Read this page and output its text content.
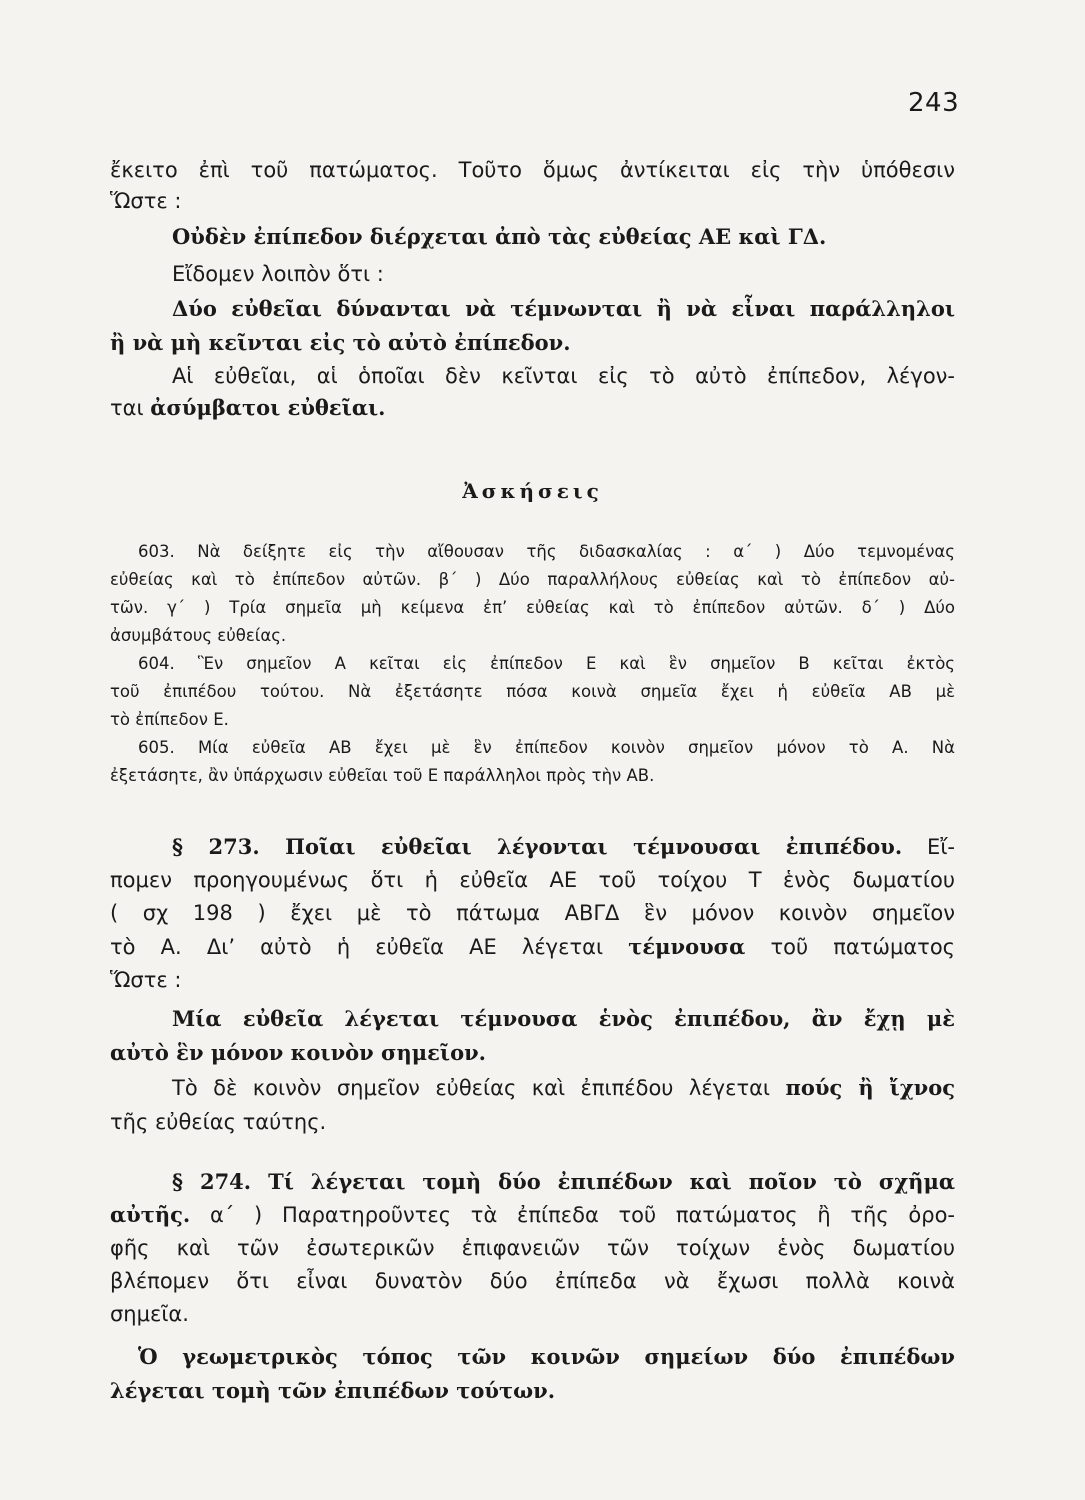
243
ἔκειτο ἐπὶ τοῦ πατώματος. Τοῦτο ὅμως ἀντίκειται εἰς τὴν ὑπόθεσιν
Ὥστε :
Οὐδὲν ἐπίπεδον διέρχεται ἀπὸ τὰς εὐθείας ΑΕ καὶ ΓΔ.
Εἴδομεν λοιπὸν ὅτι :
Δύο εὐθεῖαι δύνανται νὰ τέμνωνται ἢ νὰ εἶναι παράλληλοι
ἢ νὰ μὴ κεῖνται εἰς τὸ αὐτὸ ἐπίπεδον.
Αἱ εὐθεῖαι, αἱ ὁποῖαι δὲν κεῖνται εἰς τὸ αὐτὸ ἐπίπεδον, λέγον-
ται ἀσύμβατοι εὐθεῖαι.
Ἀσκήσεις
603. Νὰ δείξητε εἰς τὴν αἴθουσαν τῆς διδασκαλίας : α΄ ) Δύο τεμνομένας
εὐθείας καὶ τὸ ἐπίπεδον αὐτῶν. β΄ ) Δύο παραλλήλους εὐθείας καὶ τὸ ἐπίπεδον αὐ-
τῶν. γ΄ ) Τρία σημεῖα μὴ κείμενα ἐπ’ εὐθείας καὶ τὸ ἐπίπεδον αὐτῶν. δ΄ ) Δύο
ἀσυμβάτους εὐθείας.
604. Ἓν σημεῖον Α κεῖται εἰς ἐπίπεδον Ε καὶ ἓν σημεῖον Β κεῖται ἐκτὸς
τοῦ ἐπιπέδου τούτου. Νὰ ἐξετάσητε πόσα κοινὰ σημεῖα ἔχει ἡ εὐθεῖα ΑΒ μὲ
τὸ ἐπίπεδον Ε.
605. Μία εὐθεῖα ΑΒ ἔχει μὲ ἓν ἐπίπεδον κοινὸν σημεῖον μόνον τὸ Α. Νὰ
ἐξετάσητε, ἂν ὑπάρχωσιν εὐθεῖαι τοῦ Ε παράλληλοι πρὸς τὴν ΑΒ.
§ 273. Ποῖαι εὐθεῖαι λέγονται τέμνουσαι ἐπιπέδου. Εἴ-
πομεν προηγουμένως ὅτι ἡ εὐθεῖα ΑΕ τοῦ τοίχου Τ ἑνὸς δωματίου
( σχ 198 ) ἔχει μὲ τὸ πάτωμα ΑΒΓΔ ἓν μόνον κοινὸν σημεῖον
τὸ Α. Δι’ αὐτὸ ἡ εὐθεῖα ΑΕ λέγεται τέμνουσα τοῦ πατώματος
Ὥστε :
Μία εὐθεῖα λέγεται τέμνουσα ἑνὸς ἐπιπέδου, ἂν ἔχῃ μὲ
αὐτὸ ἓν μόνον κοινὸν σημεῖον.
Τὸ δὲ κοινὸν σημεῖον εὐθείας καὶ ἐπιπέδου λέγεται πούς ἢ ἴχνος
τῆς εὐθείας ταύτης.
§ 274. Τί λέγεται τομὴ δύο ἐπιπέδων καὶ ποῖον τὸ σχῆμα
αὐτῆς. α΄ ) Παρατηροῦντες τὰ ἐπίπεδα τοῦ πατώματος ἢ τῆς ὀρο-
φῆς καὶ τῶν ἐσωτερικῶν ἐπιφανειῶν τῶν τοίχων ἑνὸς δωματίου
βλέπομεν ὅτι εἶναι δυνατὸν δύο ἐπίπεδα νὰ ἔχωσι πολλὰ κοινὰ
σημεῖα.
Ὁ γεωμετρικὸς τόπος τῶν κοινῶν σημείων δύο ἐπιπέδων
λέγεται τομὴ τῶν ἐπιπέδων τούτων.
